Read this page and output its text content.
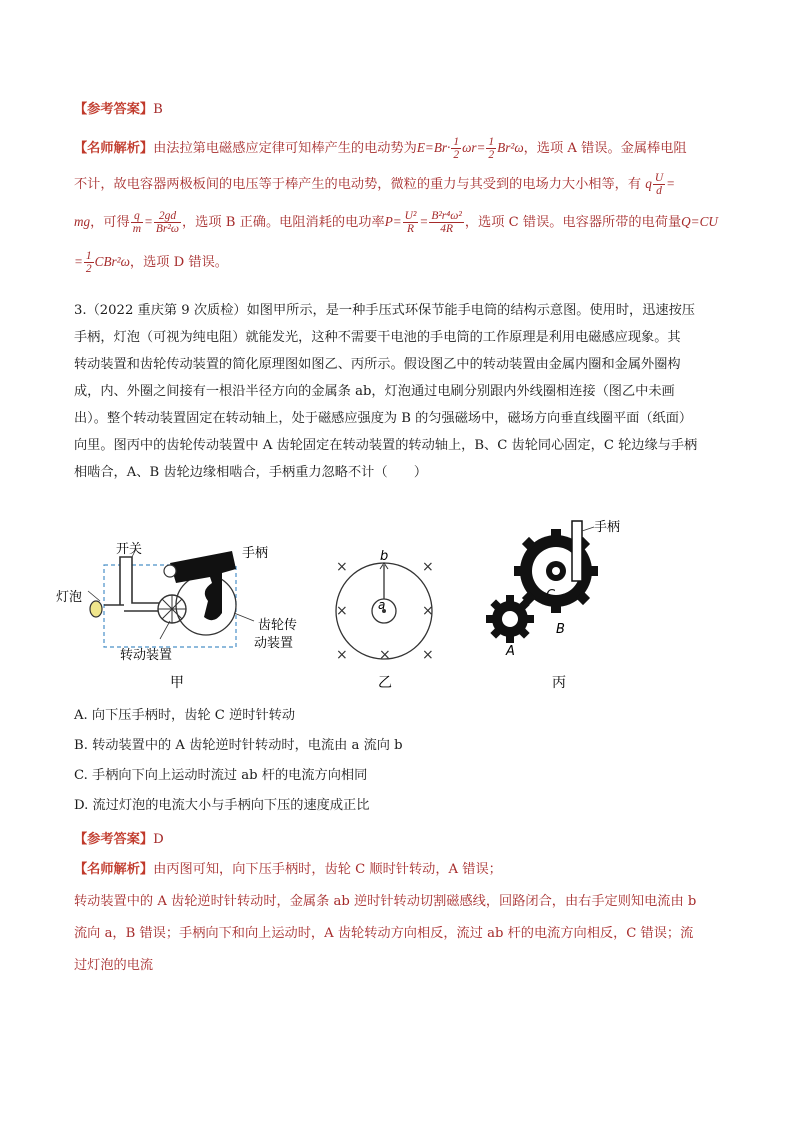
【参考答案】B
【名师解析】由法拉第电磁感应定律可知棒产生的电动势为$E=Br\cdot \frac{1}{2} \omega r= \frac{1}{2} Br^2\omega$，选项 A 错误。金属棒电阻
不计，故电容器两极板间的电压等于棒产生的电动势，微粒的重力与其受到的电场力大小相等，有 q $\frac{U}{d}$ =
mg，可得 $\frac{q}{m} = \frac{2gd}{\text{Br²ω}}$ ，选项 B 正确。电阻消耗的电功率$P= \frac{\text{U²}}{R} = \frac{\text{B²r⁴ω²}}{4R}$ ，选项 C 错误。电容器所带的电荷量Q=CU
= $\frac{1}{2} CBr^2\omega$，选项 D 错误。
3.（2022 重庆第 9 次质检）如图甲所示，是一种手压式环保节能手电筒的结构示意图。使用时，迅速按压
手柄，灯泡（可视为纯电阻）就能发光，这种不需要干电池的手电筒的工作原理是利用电磁感应现象。其
转动装置和齿轮传动装置的简化原理图如图乙、丙所示。假设图乙中的转动装置由金属内圈和金属外圈构
成，内、外圈之间接有一根沿半径方向的金属条 ab，灯泡通过电刷分别跟内外线圈相连接（图乙中未画
出）。整个转动装置固定在转动轴上，处于磁感应强度为 B 的匀强磁场中，磁场方向垂直线圈平面（纸面）
向里。图丙中的齿轮传动装置中 A 齿轮固定在转动装置的转动轴上，B、C 齿轮同心固定，C 轮边缘与手柄
相啮合，A、B 齿轮边缘相啮合，手柄重力忽略不计（　　）
开关
灯泡
手柄
齿轮传
动装置
转动装置
甲
×	×
×	×
× × ×
b
a
乙
手柄
C
B
A
丙
A. 向下压手柄时，齿轮 C 逆时针转动
B. 转动装置中的 A 齿轮逆时针转动时，电流由 a 流向 b
C. 手柄向下向上运动时流过 ab 杆的电流方向相同
D. 流过灯泡的电流大小与手柄向下压的速度成正比
【参考答案】D
【名师解析】由丙图可知，向下压手柄时，齿轮 C 顺时针转动，A 错误；
转动装置中的 A 齿轮逆时针转动时，金属条 ab 逆时针转动切割磁感线，回路闭合，由右手定则知电流由 b
流向 a，B 错误；手柄向下和向上运动时，A 齿轮转动方向相反，流过 ab 杆的电流方向相反，C 错误；流
过灯泡的电流
